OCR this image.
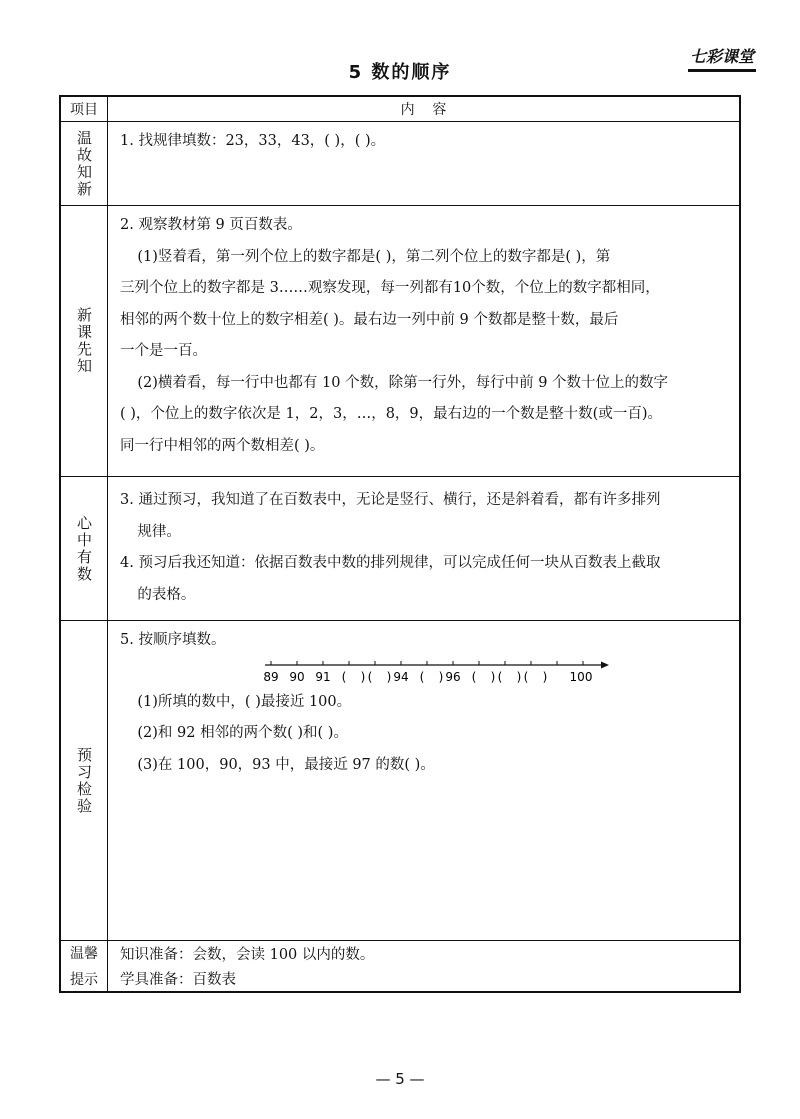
5 数的顺序
七彩课堂
项目	内    容
温故知新 1. 找规律填数：23，33，43，( )，( )。

新课先知

2. 观察教材第 9 页百数表。

(1)竖着看，第一列个位上的数字都是( )，第二列个位上的数字都是( )，第

三列个位上的数字都是 3……观察发现，每一列都有10个数，个位上的数字都相同，

相邻的两个数十位上的数字相差( )。最右边一列中前 9 个数都是整十数，最后

一个是一百。

(2)横着看，每一行中也都有 10 个数，除第一行外，每行中前 9 个数十位上的数字

( )，个位上的数字依次是 1，2，3，…，8，9，最右边的一个数是整十数(或一百)。

同一行中相邻的两个数相差( )。

心中有数

3. 通过预习，我知道了在百数表中，无论是竖行、横行，还是斜着看，都有许多排列

规律。

4. 预习后我还知道：依据百数表中数的排列规律，可以完成任何一块从百数表上截取

的表格。

预习检验

5. 按顺序填数。

89 90 91 ( ) ( ) 94 ( ) 96 ( ) ( ) ( ) 100

(1)所填的数中，( )最接近 100。

(2)和 92 相邻的两个数( )和( )。

(3)在 100，90，93 中，最接近 97 的数( )。

温馨
提示
知识准备：会数，会读 100 以内的数。
学具准备：百数表
— 5 —
